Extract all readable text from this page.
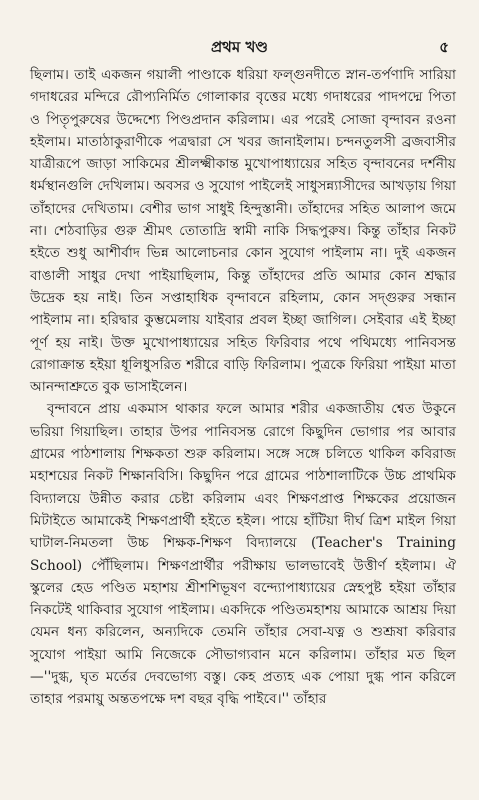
প্রথম খণ্ড	৫

ছিলাম। তাই একজন গয়ালী পাণ্ডাকে ধরিয়া ফল্গুনদীতে স্নান-তর্পণাদি সারিয়া গদাধরের মন্দিরে রৌপ্যনির্মিত গোলাকার বৃত্তের মধ্যে গদাধরের পাদপদ্মে পিতা ও পিতৃপুরুষের উদ্দেশ্যে পিণ্ডপ্রদান করিলাম। এর পরেই সোজা বৃন্দাবন রওনা হইলাম। মাতাঠাকুরাণীকে পত্রদ্বারা সে খবর জানাইলাম। চন্দনতুলসী ব্রজবাসীর যাত্রীরূপে জাড়া সাকিমের শ্রীলক্ষ্মীকান্ত মুখোপাধ্যায়ের সহিত বৃন্দাবনের দর্শনীয় ধর্মস্থানগুলি দেখিলাম। অবসর ও সুযোগ পাইলেই সাধুসন্ন্যাসীদের আখড়ায় গিয়া তাঁহাদের দেখিতাম। বেশীর ভাগ সাধুই হিন্দুস্তানী। তাঁহাদের সহিত আলাপ জমে না। শেঠবাড়ির গুরু শ্রীমৎ তোতাদ্রি স্বামী নাকি সিদ্ধপুরুষ। কিন্তু তাঁহার নিকট হইতে শুধু আশীর্বাদ ভিন্ন আলোচনার কোন সুযোগ পাইলাম না। দুই একজন বাঙালী সাধুর দেখা পাইয়াছিলাম, কিন্তু তাঁহাদের প্রতি আমার কোন শ্রদ্ধার উদ্রেক হয় নাই। তিন সপ্তাহাধিক বৃন্দাবনে রহিলাম, কোন সদ্গুরুর সন্ধান পাইলাম না। হরিদ্বার কুম্ভমেলায় যাইবার প্রবল ইচ্ছা জাগিল। সেইবার এই ইচ্ছা পূর্ণ হয় নাই। উক্ত মুখোপাধ্যায়ের সহিত ফিরিবার পথে পথিমধ্যে পানিবসন্ত রোগাক্রান্ত হইয়া ধূলিধুসরিত শরীরে বাড়ি ফিরিলাম। পুত্রকে ফিরিয়া পাইয়া মাতা আনন্দাশ্রুতে বুক ভাসাইলেন।

বৃন্দাবনে প্রায় একমাস থাকার ফলে আমার শরীর একজাতীয় শ্বেত উকুনে ভরিয়া গিয়াছিল। তাহার উপর পানিবসন্ত রোগে কিছুদিন ভোগার পর আবার গ্রামের পাঠশালায় শিক্ষকতা শুরু করিলাম। সঙ্গে সঙ্গে চলিতে থাকিল কবিরাজ মহাশয়ের নিকট শিক্ষানবিসি। কিছুদিন পরে গ্রামের পাঠশালাটিকে উচ্চ প্রাথমিক বিদ্যালয়ে উন্নীত করার চেষ্টা করিলাম এবং শিক্ষণপ্রাপ্ত শিক্ষকের প্রয়োজন মিটাইতে আমাকেই শিক্ষণপ্রার্থী হইতে হইল। পায়ে হাঁটিয়া দীর্ঘ ত্রিশ মাইল গিয়া ঘাটাল-নিমতলা উচ্চ শিক্ষক-শিক্ষণ বিদ্যালয়ে (Teacher's Training School) পৌঁছিলাম। শিক্ষণপ্রার্থীর পরীক্ষায় ভালভাবেই উত্তীর্ণ হইলাম। ঐ স্কুলের হেড পণ্ডিত মহাশয় শ্রীশশিভূষণ বন্দ্যোপাধ্যায়ের স্নেহপুষ্ট হইয়া তাঁহার নিকটেই থাকিবার সুযোগ পাইলাম। একদিকে পণ্ডিতমহাশয় আমাকে আশ্রয় দিয়া যেমন ধন্য করিলেন, অন্যদিকে তেমনি তাঁহার সেবা-যত্ন ও শুশ্রূষা করিবার সুযোগ পাইয়া আমি নিজেকে সৌভাগ্যবান মনে করিলাম। তাঁহার মত ছিল—''দুগ্ধ, ঘৃত মর্তের দেবভোগ্য বস্তু। কেহ প্রত্যহ এক পোয়া দুগ্ধ পান করিলে তাহার পরমায়ু অন্ততপক্ষে দশ বছর বৃদ্ধি পাইবে।'' তাঁহার
